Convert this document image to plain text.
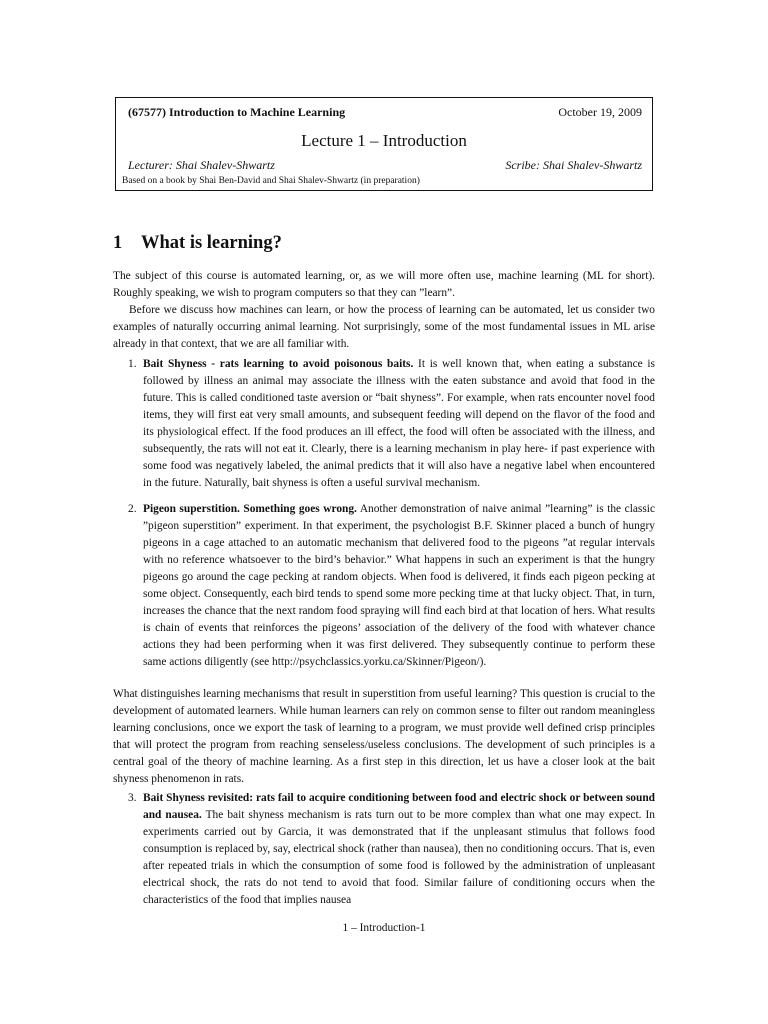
(67577) Introduction to Machine Learning	October 19, 2009
Lecture 1 – Introduction
Lecturer: Shai Shalev-Shwartz	Scribe: Shai Shalev-Shwartz
Based on a book by Shai Ben-David and Shai Shalev-Shwartz (in preparation)
1 What is learning?

The subject of this course is automated learning, or, as we will more often use, machine learning (ML for short). Roughly speaking, we wish to program computers so that they can ”learn”.

Before we discuss how machines can learn, or how the process of learning can be automated, let us consider two examples of naturally occurring animal learning. Not surprisingly, some of the most fundamental issues in ML arise already in that context, that we are all familiar with.

1. Bait Shyness - rats learning to avoid poisonous baits. It is well known that, when eating a substance is followed by illness an animal may associate the illness with the eaten substance and avoid that food in the future. This is called conditioned taste aversion or “bait shyness”. For example, when rats encounter novel food items, they will first eat very small amounts, and subsequent feeding will depend on the flavor of the food and its physiological effect. If the food produces an ill effect, the food will often be associated with the illness, and subsequently, the rats will not eat it. Clearly, there is a learning mechanism in play here- if past experience with some food was negatively labeled, the animal predicts that it will also have a negative label when encountered in the future. Naturally, bait shyness is often a useful survival mechanism.
2. Pigeon superstition. Something goes wrong. Another demonstration of naive animal ”learning” is the classic ”pigeon superstition” experiment. In that experiment, the psychologist B.F. Skinner placed a bunch of hungry pigeons in a cage attached to an automatic mechanism that delivered food to the pigeons ”at regular intervals with no reference whatsoever to the bird’s behavior.” What happens in such an experiment is that the hungry pigeons go around the cage pecking at random objects. When food is delivered, it finds each pigeon pecking at some object. Consequently, each bird tends to spend some more pecking time at that lucky object. That, in turn, increases the chance that the next random food spraying will find each bird at that location of hers. What results is chain of events that reinforces the pigeons’ association of the delivery of the food with whatever chance actions they had been performing when it was first delivered. They subsequently continue to perform these same actions diligently (see http://psychclassics.yorku.ca/Skinner/Pigeon/).

What distinguishes learning mechanisms that result in superstition from useful learning? This question is crucial to the development of automated learners. While human learners can rely on common sense to filter out random meaningless learning conclusions, once we export the task of learning to a program, we must provide well defined crisp principles that will protect the program from reaching senseless/useless conclusions. The development of such principles is a central goal of the theory of machine learning. As a first step in this direction, let us have a closer look at the bait shyness phenomenon in rats.

3. Bait Shyness revisited: rats fail to acquire conditioning between food and electric shock or between sound and nausea. The bait shyness mechanism is rats turn out to be more complex than what one may expect. In experiments carried out by Garcia, it was demonstrated that if the unpleasant stimulus that follows food consumption is replaced by, say, electrical shock (rather than nausea), then no conditioning occurs. That is, even after repeated trials in which the consumption of some food is followed by the administration of unpleasant electrical shock, the rats do not tend to avoid that food. Similar failure of conditioning occurs when the characteristics of the food that implies nausea
1 – Introduction-1
